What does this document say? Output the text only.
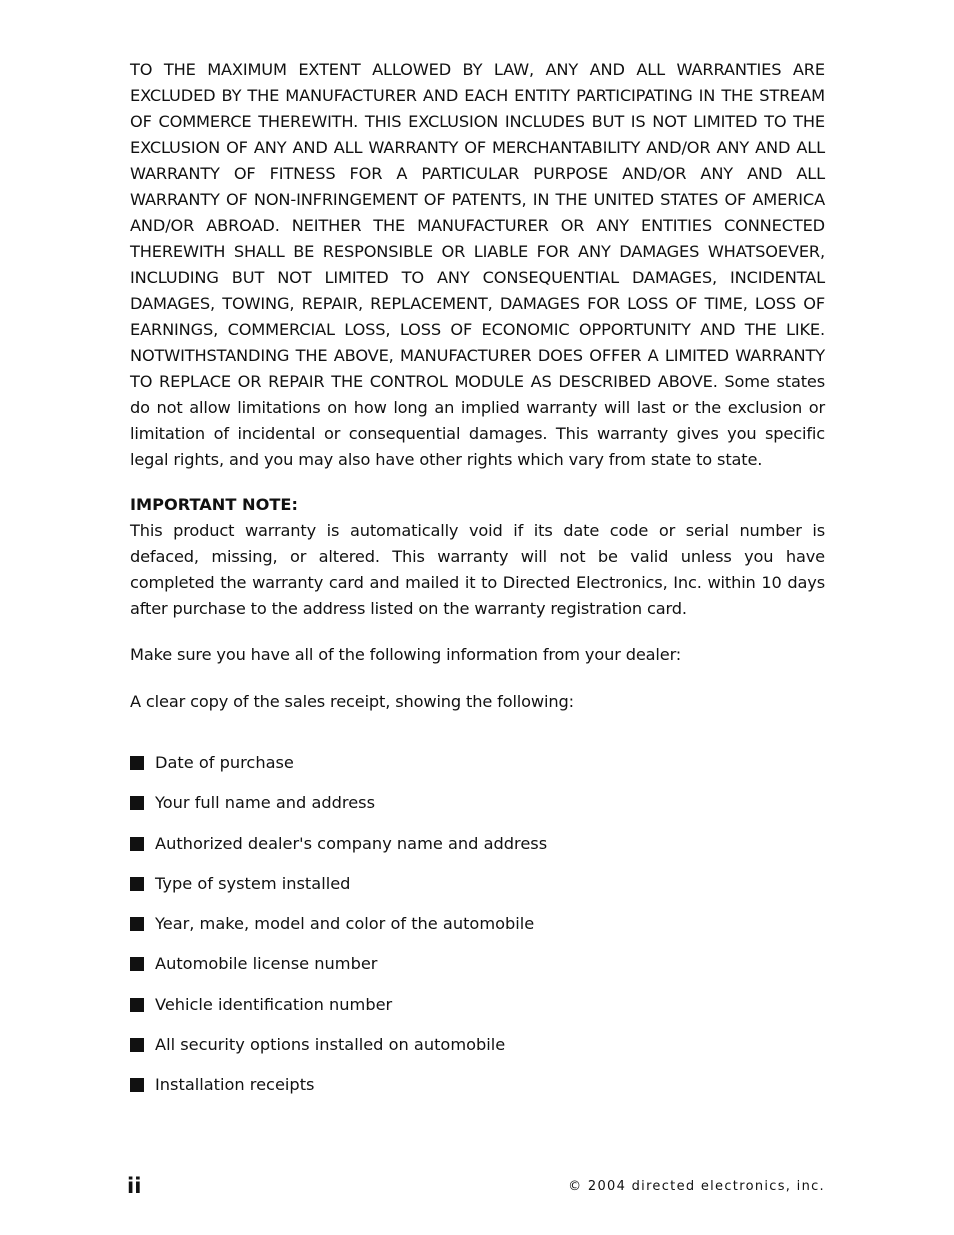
TO THE MAXIMUM EXTENT ALLOWED BY LAW, ANY AND ALL WARRANTIES ARE EXCLUDED BY THE MANUFACTURER AND EACH ENTITY PARTICIPATING IN THE STREAM OF COMMERCE THEREWITH. THIS EXCLUSION INCLUDES BUT IS NOT LIMITED TO THE EXCLUSION OF ANY AND ALL WARRANTY OF MERCHANTABILITY AND/OR ANY AND ALL WARRANTY OF FITNESS FOR A PARTICULAR PURPOSE AND/OR ANY AND ALL WARRANTY OF NON-INFRINGEMENT OF PATENTS, IN THE UNITED STATES OF AMERICA AND/OR ABROAD. NEITHER THE MANUFACTURER OR ANY ENTITIES CONNECTED THEREWITH SHALL BE RESPONSIBLE OR LIABLE FOR ANY DAMAGES WHATSOEVER, INCLUDING BUT NOT LIMITED TO ANY CONSEQUENTIAL DAMAGES, INCIDENTAL DAMAGES, TOWING, REPAIR, REPLACEMENT, DAMAGES FOR LOSS OF TIME, LOSS OF EARNINGS, COMMERCIAL LOSS, LOSS OF ECONOMIC OPPORTUNITY AND THE LIKE. NOTWITHSTANDING THE ABOVE, MANUFACTURER DOES OFFER A LIMITED WARRANTY TO REPLACE OR REPAIR THE CONTROL MODULE AS DESCRIBED ABOVE. Some states do not allow limitations on how long an implied warranty will last or the exclusion or limitation of incidental or consequential damages. This warranty gives you specific legal rights, and you may also have other rights which vary from state to state.

IMPORTANT NOTE:

This product warranty is automatically void if its date code or serial number is defaced, missing, or altered. This warranty will not be valid unless you have completed the warranty card and mailed it to Directed Electronics, Inc. within 10 days after purchase to the address listed on the warranty registration card.

Make sure you have all of the following information from your dealer:

A clear copy of the sales receipt, showing the following:

Date of purchase
Your full name and address
Authorized dealer's company name and address
Type of system installed
Year, make, model and color of the automobile
Automobile license number
Vehicle identification number
All security options installed on automobile
Installation receipts
ii	© 2004 directed electronics, inc.
